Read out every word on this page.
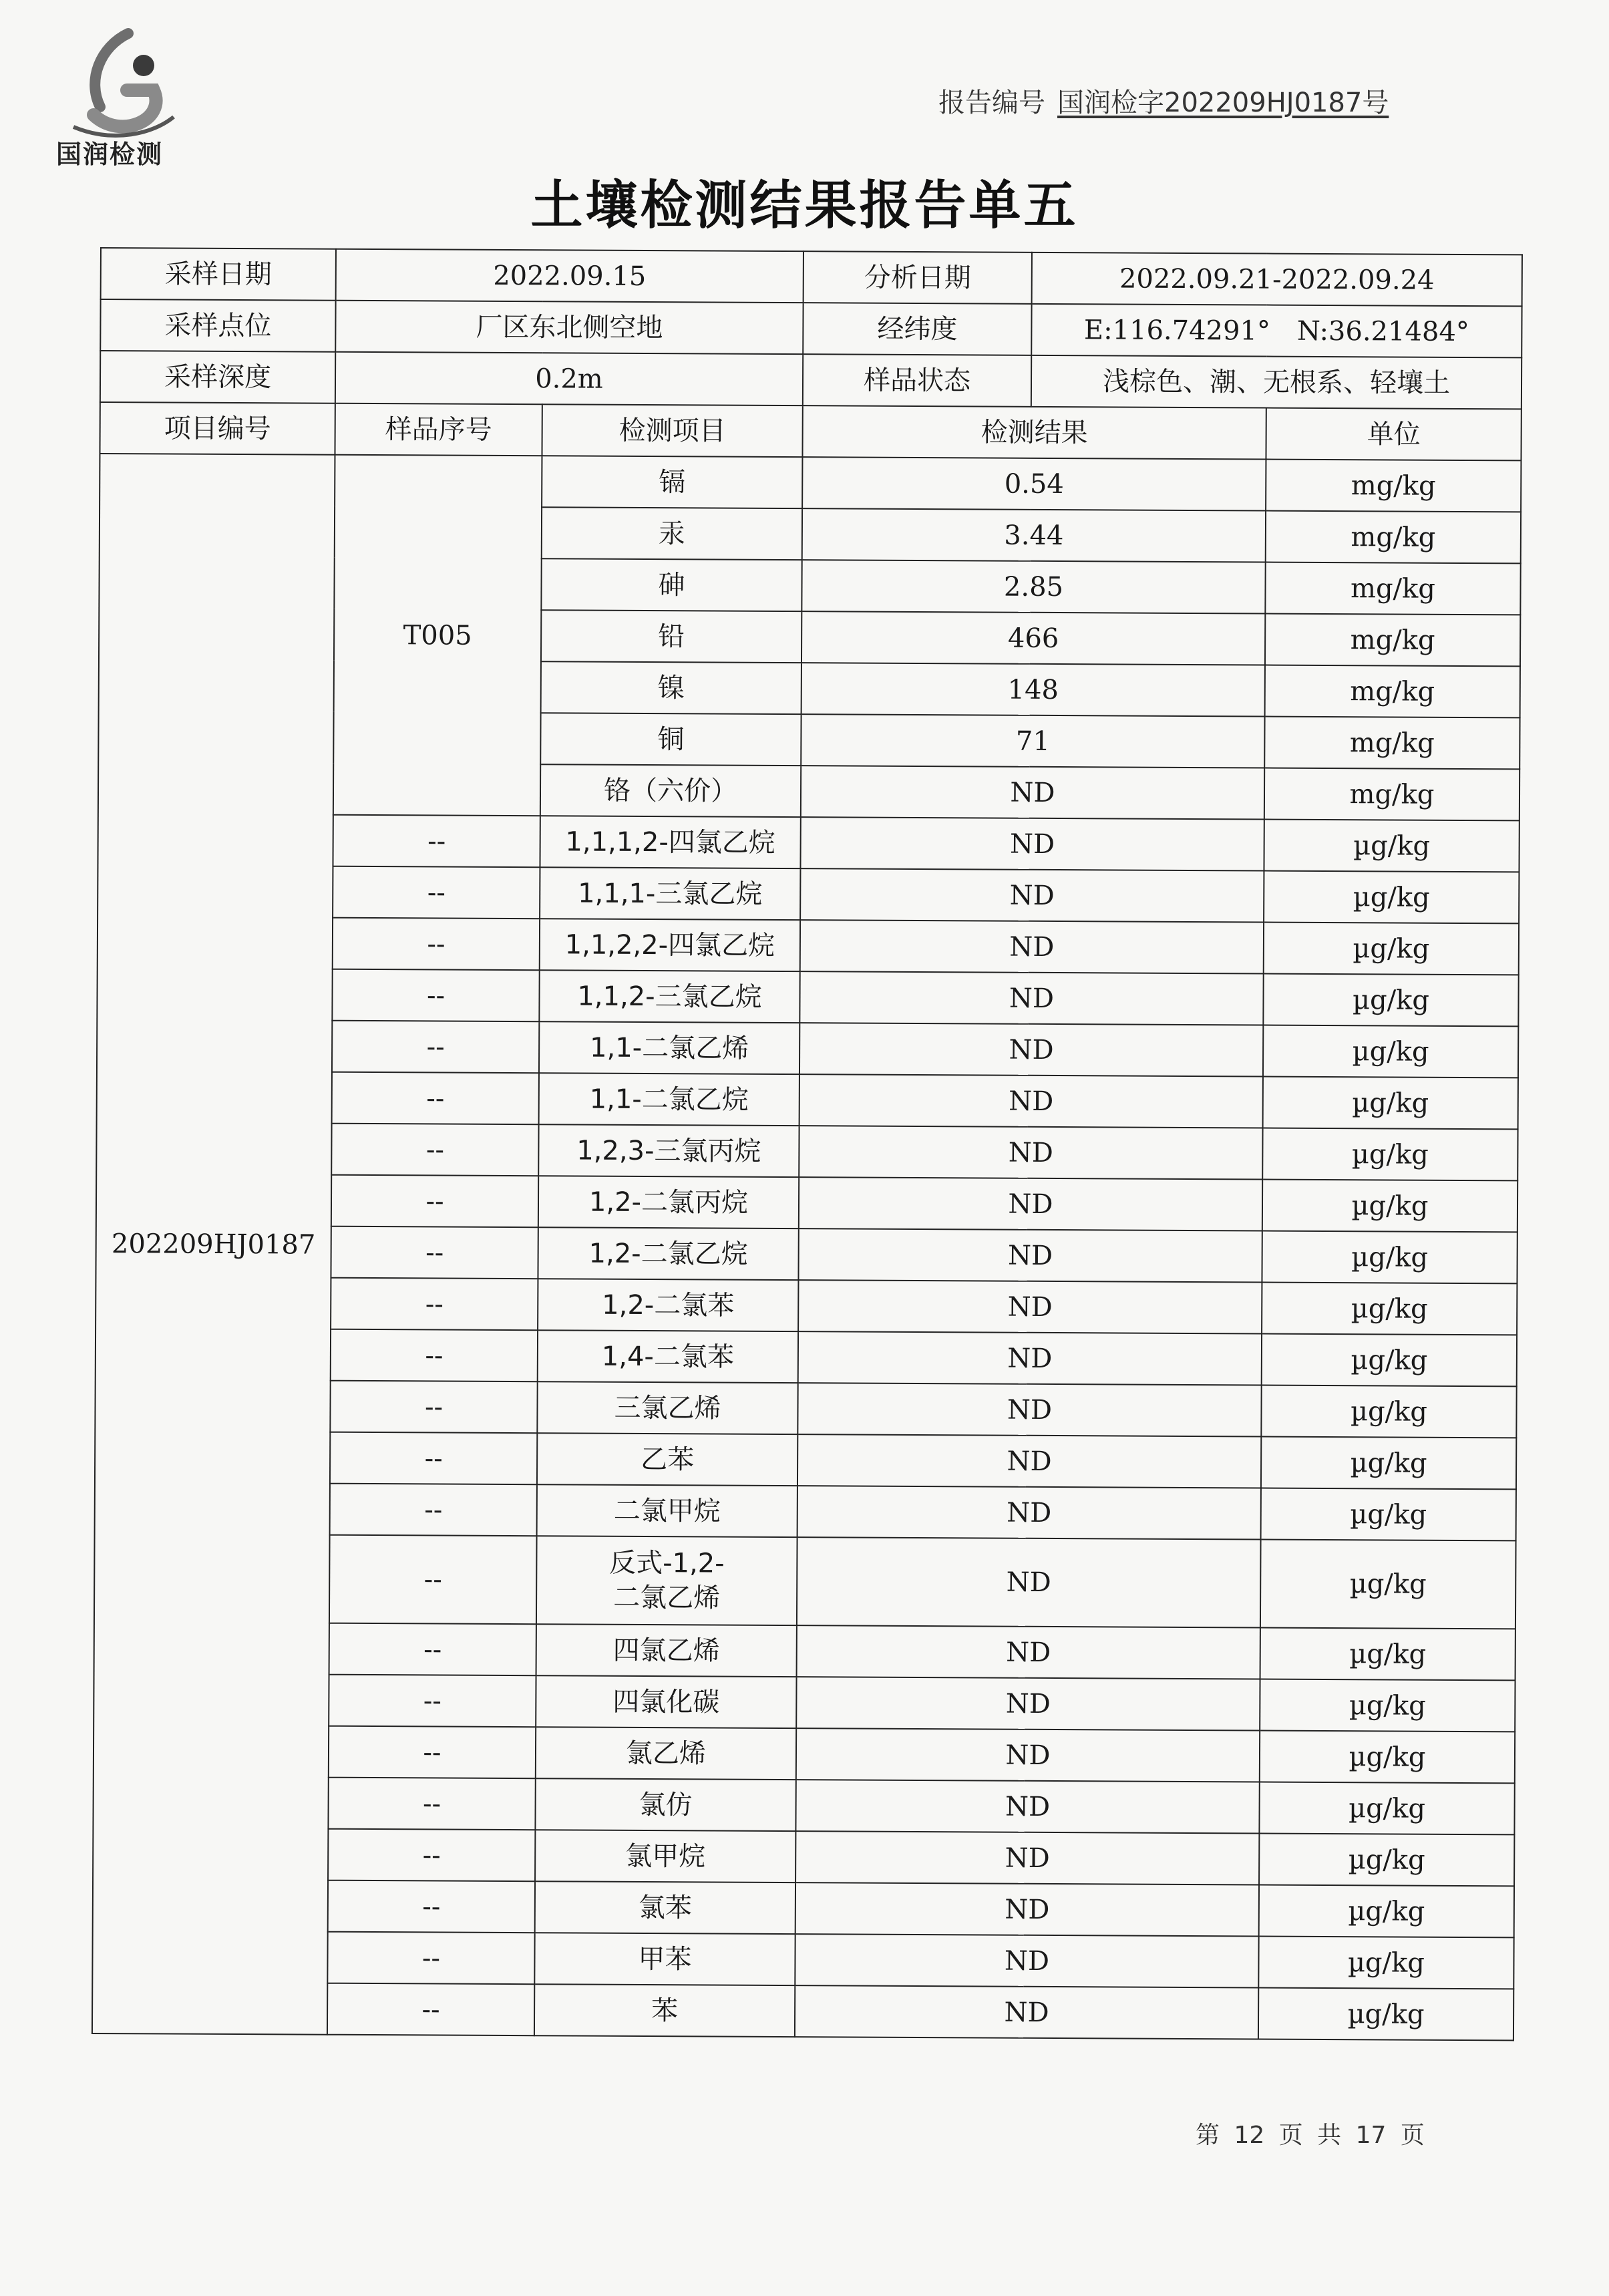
国润检测
报告编号 国润检字202209HJ0187号
土壤检测结果报告单五
采样日期	2022.09.15		分析日期	2022.09.21-2022.09.24	
采样点位	厂区东北侧空地		经纬度	E:116.74291°　N:36.21484°	
采样深度	0.2m		样品状态	浅棕色、潮、无根系、轻壤土	
项目编号	样品序号	检测项目	检测结果		单位
202209HJ0187	T005	镉	0.54		mg/kg
		汞	3.44		mg/kg
		砷	2.85		mg/kg
		铅	466		mg/kg
		镍	148		mg/kg
		铜	71		mg/kg
		铬（六价）	ND		mg/kg
	--	1,1,1,2-四氯乙烷	ND		µg/kg
	--	1,1,1-三氯乙烷	ND		µg/kg
	--	1,1,2,2-四氯乙烷	ND		µg/kg
	--	1,1,2-三氯乙烷	ND		µg/kg
	--	1,1-二氯乙烯	ND		µg/kg
	--	1,1-二氯乙烷	ND		µg/kg
	--	1,2,3-三氯丙烷	ND		µg/kg
	--	1,2-二氯丙烷	ND		µg/kg
	--	1,2-二氯乙烷	ND		µg/kg
	--	1,2-二氯苯	ND		µg/kg
	--	1,4-二氯苯	ND		µg/kg
	--	三氯乙烯	ND		µg/kg
	--	乙苯	ND		µg/kg
	--	二氯甲烷	ND		µg/kg
	--	反式-1,2-
二氯乙烯	ND		µg/kg
	--	四氯乙烯	ND		µg/kg
	--	四氯化碳	ND		µg/kg
	--	氯乙烯	ND		µg/kg
	--	氯仿	ND		µg/kg
	--	氯甲烷	ND		µg/kg
	--	氯苯	ND		µg/kg
	--	甲苯	ND		µg/kg
	--	苯	ND		µg/kg
第 12 页 共 17 页
